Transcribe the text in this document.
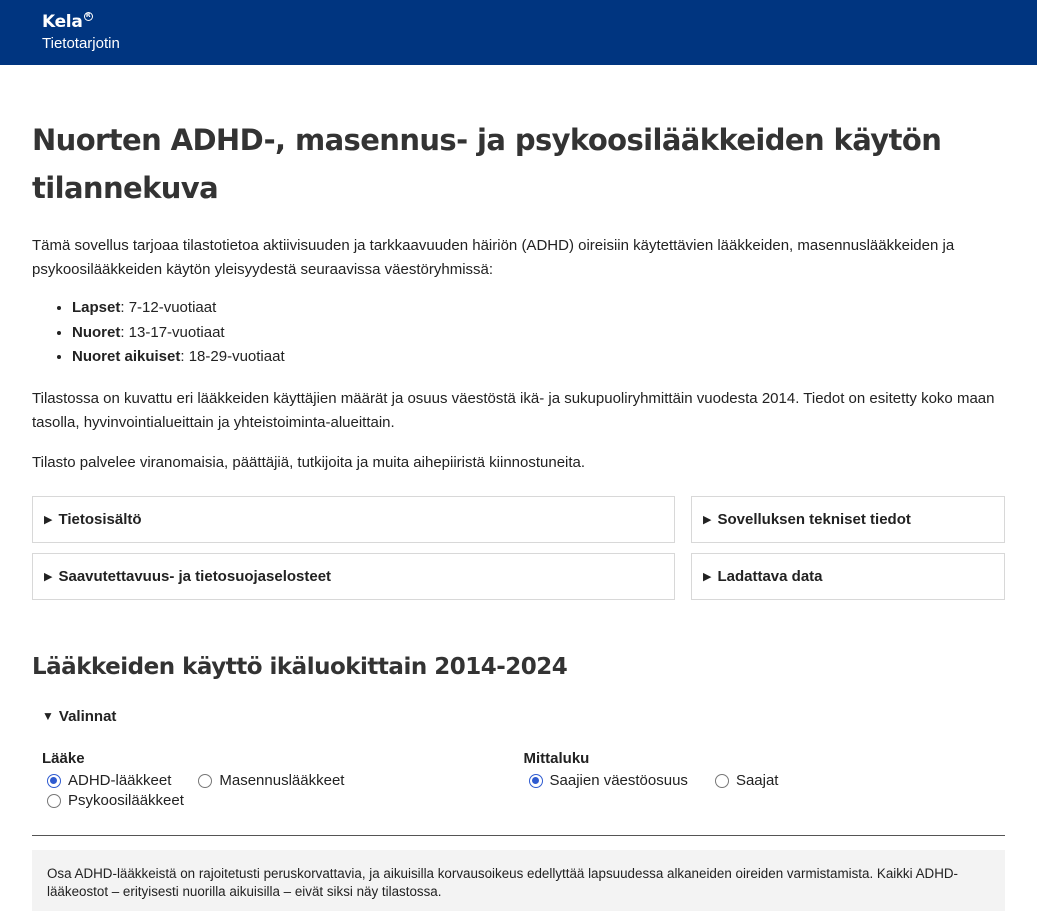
Kela R
Tietotarjotin
Nuorten ADHD-, masennus- ja psykoosilääkkeiden käytön tilannekuva

Tämä sovellus tarjoaa tilastotietoa aktiivisuuden ja tarkkaavuuden häiriön (ADHD) oireisiin käytettävien lääkkeiden, masennuslääkkeiden ja psykoosilääkkeiden käytön yleisyydestä seuraavissa väestöryhmissä:

• Lapset: 7-12-vuotiaat
• Nuoret: 13-17-vuotiaat
• Nuoret aikuiset: 18-29-vuotiaat

Tilastossa on kuvattu eri lääkkeiden käyttäjien määrät ja osuus väestöstä ikä- ja sukupuoliryhmittäin vuodesta 2014. Tiedot on esitetty koko maan tasolla, hyvinvointialueittain ja yhteistoiminta-alueittain.

Tilasto palvelee viranomaisia, päättäjiä, tutkijoita ja muita aihepiiristä kiinnostuneita.

▶ Tietosisältö	▶ Sovelluksen tekniset tiedot
▶ Saavutettavuus- ja tietosuojaselosteet	▶ Ladattava data
Lääkkeiden käyttö ikäluokittain 2014-2024
▼ Valinnat
Lääke
ADHD-lääkkeet	Masennuslääkkeet
Psykoosilääkkeet
Mittaluku
Saajien väestöosuus	Saajat
Osa ADHD-lääkkeistä on rajoitetusti peruskorvattavia, ja aikuisilla korvausoikeus edellyttää lapsuudessa alkaneiden oireiden varmistamista. Kaikki ADHD-lääkeostot – erityisesti nuorilla aikuisilla – eivät siksi näy tilastossa.
